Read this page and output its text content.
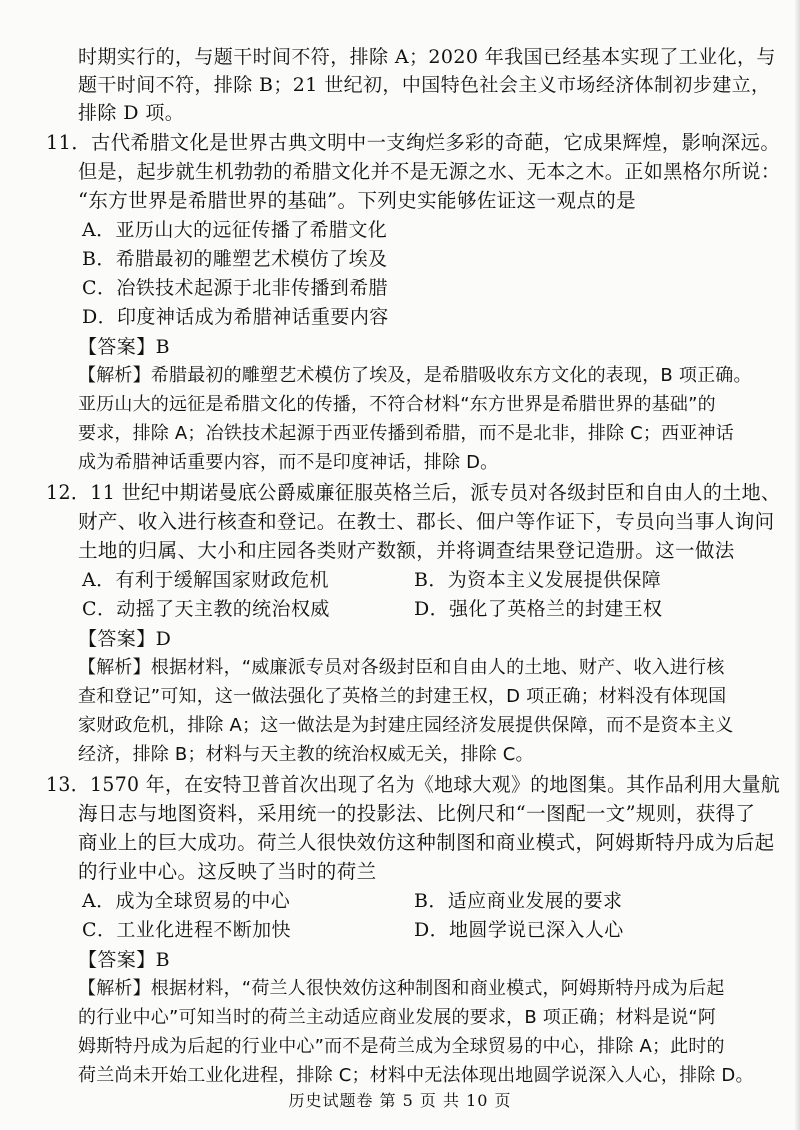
时期实行的，与题干时间不符，排除 A；2020 年我国已经基本实现了工业化，与
题干时间不符，排除 B；21 世纪初，中国特色社会主义市场经济体制初步建立，
排除 D 项。
11．古代希腊文化是世界古典文明中一支绚烂多彩的奇葩，它成果辉煌，影响深远。
但是，起步就生机勃勃的希腊文化并不是无源之水、无本之木。正如黑格尔所说：
“东方世界是希腊世界的基础”。下列史实能够佐证这一观点的是
A．亚历山大的远征传播了希腊文化
B．希腊最初的雕塑艺术模仿了埃及
C．冶铁技术起源于北非传播到希腊
D．印度神话成为希腊神话重要内容
【答案】B
【解析】希腊最初的雕塑艺术模仿了埃及，是希腊吸收东方文化的表现，B 项正确。
亚历山大的远征是希腊文化的传播，不符合材料“东方世界是希腊世界的基础”的
要求，排除 A；冶铁技术起源于西亚传播到希腊，而不是北非，排除 C；西亚神话
成为希腊神话重要内容，而不是印度神话，排除 D。
12．11 世纪中期诺曼底公爵威廉征服英格兰后，派专员对各级封臣和自由人的土地、
财产、收入进行核查和登记。在教士、郡长、佃户等作证下，专员向当事人询问
土地的归属、大小和庄园各类财产数额，并将调查结果登记造册。这一做法
A．有利于缓解国家财政危机	B．为资本主义发展提供保障
C．动摇了天主教的统治权威	D．强化了英格兰的封建王权
【答案】D
【解析】根据材料，“威廉派专员对各级封臣和自由人的土地、财产、收入进行核
查和登记”可知，这一做法强化了英格兰的封建王权，D 项正确；材料没有体现国
家财政危机，排除 A；这一做法是为封建庄园经济发展提供保障，而不是资本主义
经济，排除 B；材料与天主教的统治权威无关，排除 C。
13．1570 年，在安特卫普首次出现了名为《地球大观》的地图集。其作品利用大量航
海日志与地图资料，采用统一的投影法、比例尺和“一图配一文”规则，获得了
商业上的巨大成功。荷兰人很快效仿这种制图和商业模式，阿姆斯特丹成为后起
的行业中心。这反映了当时的荷兰
A．成为全球贸易的中心	B．适应商业发展的要求
C．工业化进程不断加快	D．地圆学说已深入人心
【答案】B
【解析】根据材料，“荷兰人很快效仿这种制图和商业模式，阿姆斯特丹成为后起
的行业中心”可知当时的荷兰主动适应商业发展的要求，B 项正确；材料是说“阿
姆斯特丹成为后起的行业中心”而不是荷兰成为全球贸易的中心，排除 A；此时的
荷兰尚未开始工业化进程，排除 C；材料中无法体现出地圆学说深入人心，排除 D。
历史试题卷 第 5 页 共 10 页
